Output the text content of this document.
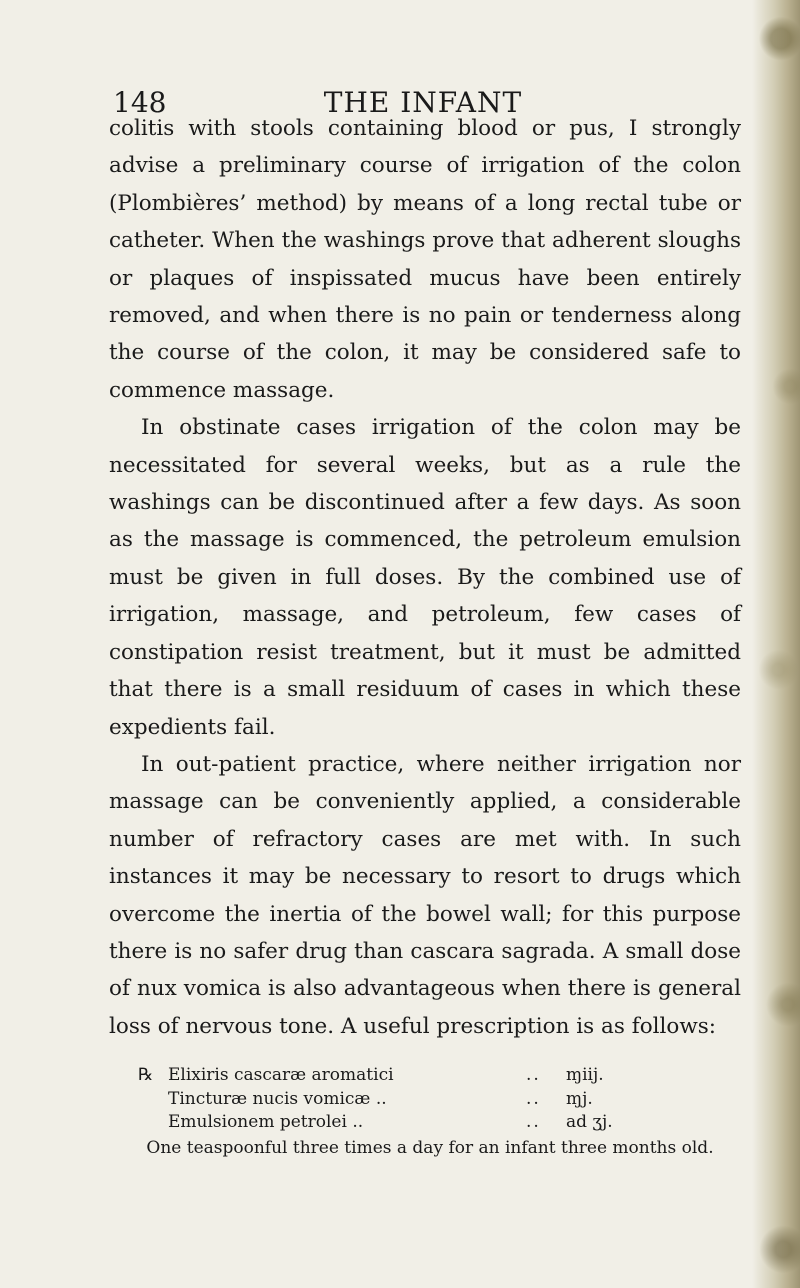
148	THE INFANT

colitis with stools containing blood or pus, I strongly advise a preliminary course of irrigation of the colon (Plombières’ method) by means of a long rectal tube or catheter. When the washings prove that adherent sloughs or plaques of inspissated mucus have been entirely removed, and when there is no pain or tenderness along the course of the colon, it may be considered safe to commence massage.

In obstinate cases irrigation of the colon may be necessitated for several weeks, but as a rule the washings can be discontinued after a few days. As soon as the massage is commenced, the petroleum emulsion must be given in full doses. By the combined use of irrigation, massage, and petroleum, few cases of constipation resist treatment, but it must be admitted that there is a small residuum of cases in which these expedients fail.

In out-patient practice, where neither irrigation nor massage can be conveniently applied, a considerable number of refractory cases are met with. In such instances it may be necessary to resort to drugs which overcome the inertia of the bowel wall; for this purpose there is no safer drug than cascara sagrada. A small dose of nux vomica is also advantageous when there is general loss of nervous tone. A useful prescription is as follows:

℞ Elixiris cascaræ aromatici	.. ɱiij.
Tincturæ nucis vomicæ ..	.. ɱj.
Emulsionem petrolei ..	.. ad ʒj.
One teaspoonful three times a day for an infant three months old.
